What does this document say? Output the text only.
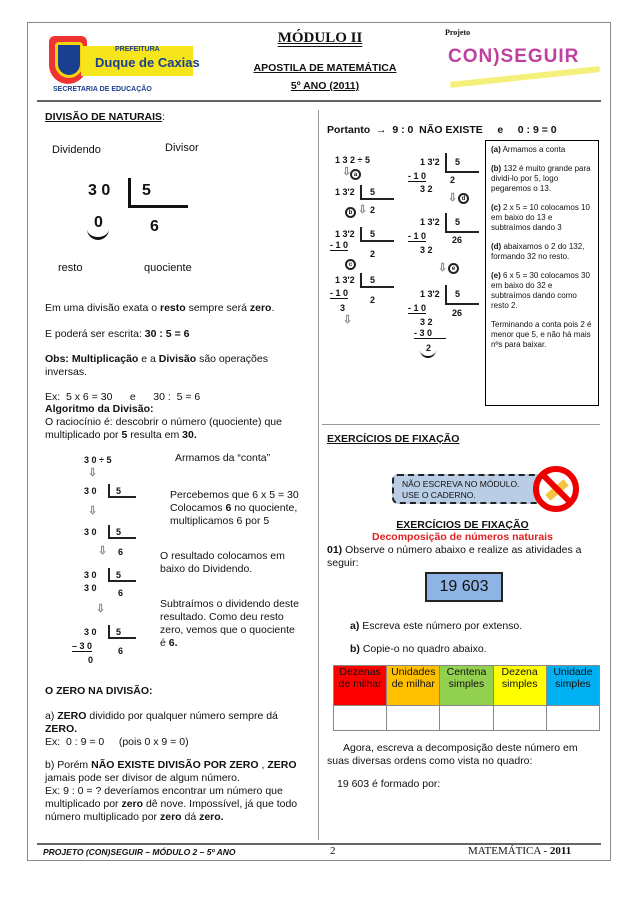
PREFEITURA
Duque de Caxias
SECRETARIA DE EDUCAÇÃO
MÓDULO II
APOSTILA DE MATEMÁTICA
5º ANO (2011)
Projeto
CON)SEGUIR
DIVISÃO DE NATURAIS:
Dividendo	Divisor
3 0 5
0	6
resto	quociente
Em uma divisão exata o resto sempre será zero.
E poderá ser escrita: 30 : 5 = 6
Obs: Multiplicação e a Divisão são operações inversas.
Ex:  5 x 6 = 30      e      30 :  5 = 6
Algoritmo da Divisão:
O raciocínio é: descobrir o número (quociente) que multiplicado por 5 resulta em 30.
3 0 ÷ 5
⇩
3 0 5
⇩
3 0 5
⇩ 6
3 0 5
3 0 6
⇩
3 0 5
– 3 0	6
0
Armamos da “conta”
Percebemos que 6 x 5 = 30 Colocamos 6 no quociente, multiplicamos 6 por 5
O resultado colocamos em baixo do Dividendo.
Subtraímos o dividendo deste resultado. Como deu resto zero, vemos que o quociente é 6.
O ZERO NA DIVISÃO:
a) ZERO dividido por qualquer número sempre dá ZERO.
Ex:  0 : 9 = 0     (pois 0 x 9 = 0)
b) Porém NÃO EXISTE DIVISÃO POR ZERO , ZERO jamais pode ser divisor de algum número.
Ex: 9 : 0 = ? deveríamos encontrar um número que multiplicado por zero dê nove. Impossível, já que todo número multiplicado por zero dá zero.
Portanto  →  9 : 0  NÃO EXISTE     e     0 : 9 = 0
1 3 2 ÷ 5
⇩ a
1 3'2 5
b ⇩ 2
1 3'2 5
- 1 0
2
c
1 3'2 5
- 1 0
2
3
⇩
1 3'2 5
- 1 0	2
3 2
⇩ d
1 3'2 5
- 1 0	26
3 2
⇩ e
1 3'2 5
- 1 0	26
3 2
- 3 0
2

(a) Armamos a conta

(b) 132 é muito grande para dividi-lo por 5, logo pegaremos o 13.

(c) 2 x 5 = 10 colocamos 10 em baixo do 13 e subtraímos dando 3

(d) abaixamos o 2 do 132, formando 32 no resto.

(e) 6 x 5 = 30 colocamos 30 em baixo do 32 e subtraímos dando como resto 2.

Terminando a conta pois 2 é menor que 5, e não há mais nºs para baixar.

EXERCÍCIOS DE FIXAÇÃO
NÃO ESCREVA NO MÓDULO.
USE O CADERNO.
EXERCÍCIOS DE FIXAÇÃO
Decomposição de números naturais
01) Observe o número abaixo e realize as atividades a seguir:
19 603
a) Escreva este número por extenso.
b) Copie-o no quadro abaixo.
Dezenas de milhar	Unidades de milhar	Centena simples	Dezena simples	Unidade simples

Agora, escreva a decomposição deste número em suas diversas ordens como vista no quadro:
19 603 é formado por:
PROJETO (CON)SEGUIR – MÓDULO 2 – 5º ANO	2	MATEMÁTICA - 2011
